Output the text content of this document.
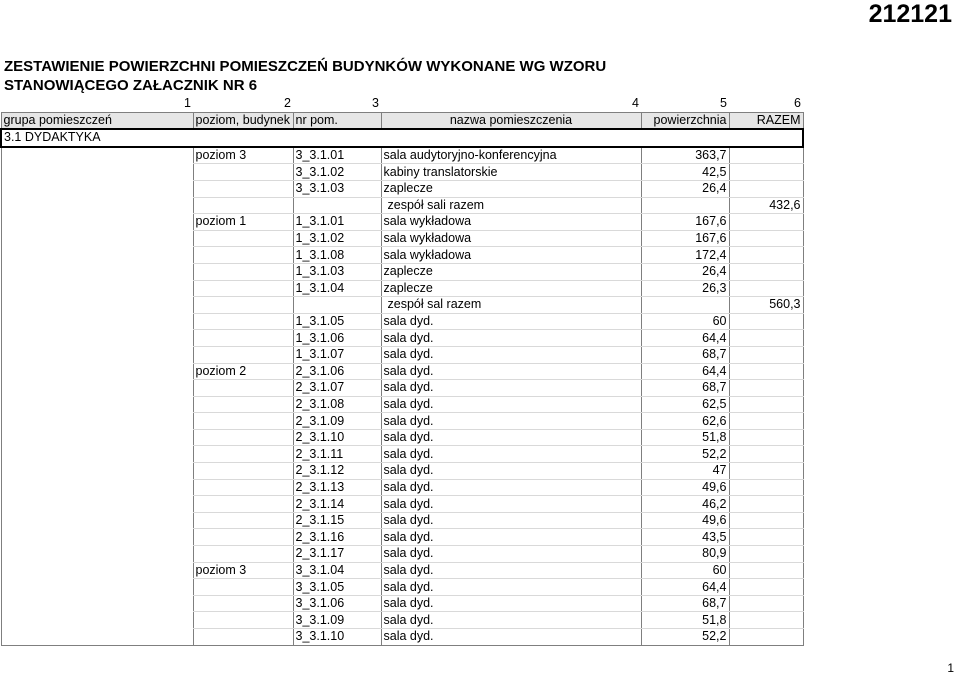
212121
ZESTAWIENIE POWIERZCHNI POMIESZCZEŃ BUDYNKÓW WYKONANE WG WZORU
STANOWIĄCEGO ZAŁACZNIK NR 6
1	2	3	4	5	6
grupa pomieszczeń	poziom, budynek	nr pom.	nazwa pomieszczenia	powierzchnia	RAZEM
3.1 DYDAKTYKA					
	poziom 3	3_3.1.01	sala audytoryjno-konferencyjna	363,7	
		3_3.1.02	kabiny translatorskie	42,5	
		3_3.1.03	zaplecze	26,4	
			zespół sali razem		432,6
	poziom 1	1_3.1.01	sala wykładowa	167,6	
		1_3.1.02	sala wykładowa	167,6	
		1_3.1.08	sala wykładowa	172,4	
		1_3.1.03	zaplecze	26,4	
		1_3.1.04	zaplecze	26,3	
			zespół sal razem		560,3
		1_3.1.05	sala dyd.	60	
		1_3.1.06	sala dyd.	64,4	
		1_3.1.07	sala dyd.	68,7	
	poziom 2	2_3.1.06	sala dyd.	64,4	
		2_3.1.07	sala dyd.	68,7	
		2_3.1.08	sala dyd.	62,5	
		2_3.1.09	sala dyd.	62,6	
		2_3.1.10	sala dyd.	51,8	
		2_3.1.11	sala dyd.	52,2	
		2_3.1.12	sala dyd.	47	
		2_3.1.13	sala dyd.	49,6	
		2_3.1.14	sala dyd.	46,2	
		2_3.1.15	sala dyd.	49,6	
		2_3.1.16	sala dyd.	43,5	
		2_3.1.17	sala dyd.	80,9	
	poziom 3	3_3.1.04	sala dyd.	60	
		3_3.1.05	sala dyd.	64,4	
		3_3.1.06	sala dyd.	68,7	
		3_3.1.09	sala dyd.	51,8	
		3_3.1.10	sala dyd.	52,2	
1
